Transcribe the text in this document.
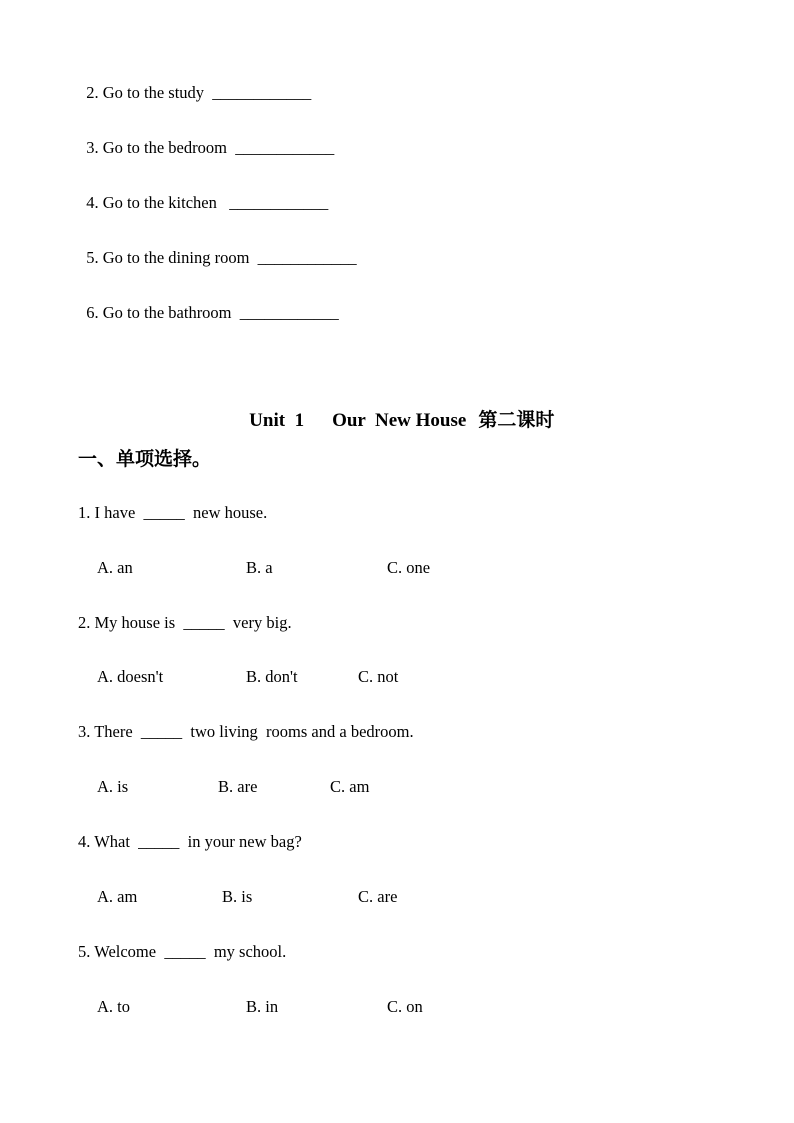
2. Go to the study ____________

3. Go to the bedroom ____________

4. Go to the kitchen ____________

5. Go to the dining room ____________

6. Go to the bathroom ____________

Unit  1 Our  New House 第二课时

一、单项选择。
1. I have  _____  new house.
A. an	B. a	C. one
2. My house is  _____  very big.
A. doesn't	B. don't	C. not
3. There  _____  two living  rooms and a bedroom.
A. is	B. are	C. am
4. What  _____  in your new bag?
A. am	B. is	C. are
5. Welcome  _____  my school.
A. to	B. in	C. on
